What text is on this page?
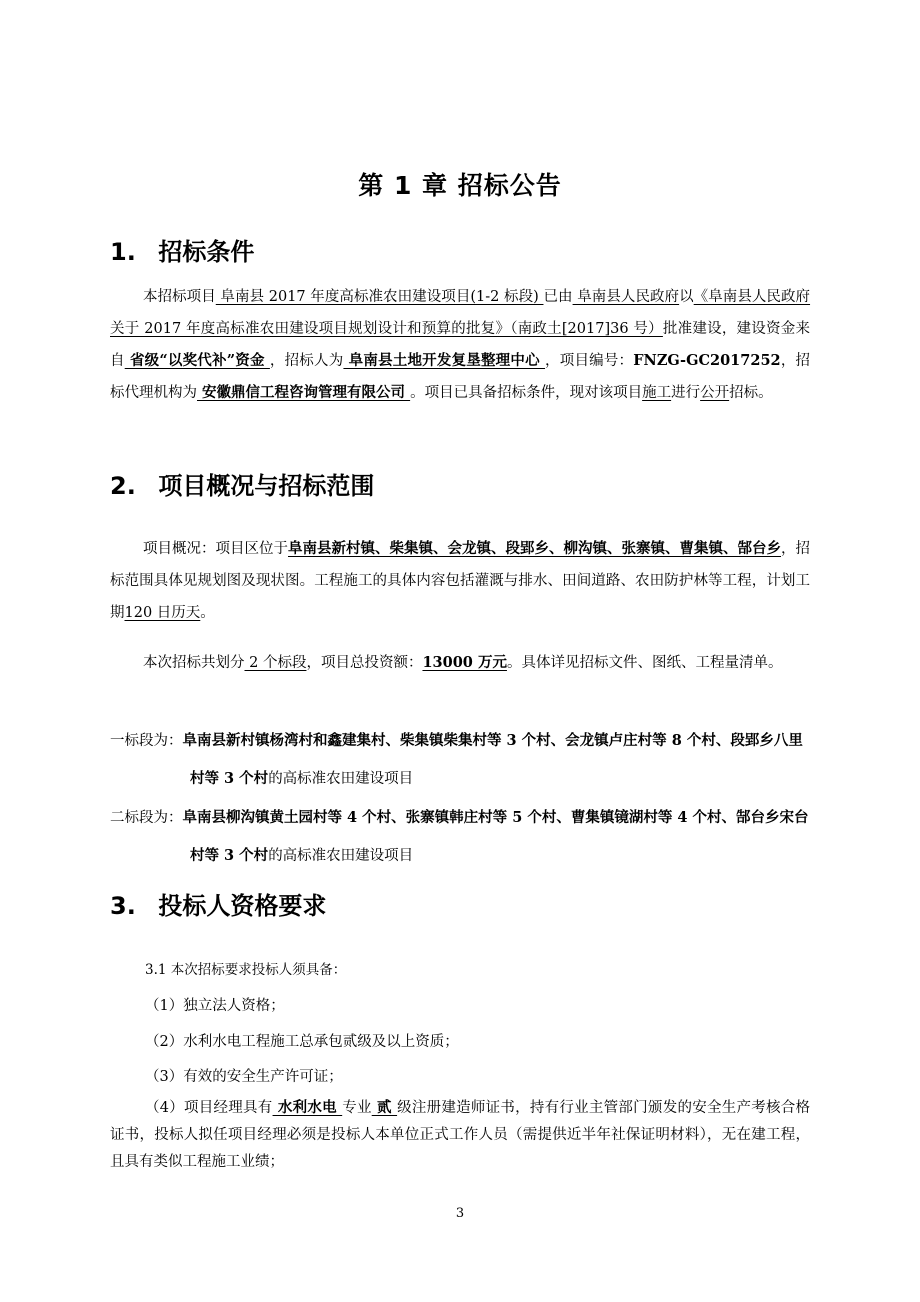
第 1 章 招标公告
1. 招标条件
本招标项目 阜南县 2017 年度高标准农田建设项目(1-2 标段) 已由 阜南县人民政府以《阜南县人民政府关于 2017 年度高标准农田建设项目规划设计和预算的批复》（南政土[2017]36 号）批准建设，建设资金来自 省级“以奖代补”资金 ，招标人为 阜南县土地开发复垦整理中心 ，项目编号：FNZG-GC2017252，招标代理机构为 安徽鼎信工程咨询管理有限公司 。项目已具备招标条件，现对该项目施工进行公开招标。
2. 项目概况与招标范围
项目概况：项目区位于阜南县新村镇、柴集镇、会龙镇、段郢乡、柳沟镇、张寨镇、曹集镇、郜台乡，招标范围具体见规划图及现状图。工程施工的具体内容包括灌溉与排水、田间道路、农田防护林等工程，计划工期120 日历天。
本次招标共划分 2 个标段，项目总投资额：13000 万元。具体详见招标文件、图纸、工程量清单。
一标段为：阜南县新村镇杨湾村和鑫建集村、柴集镇柴集村等 3 个村、会龙镇卢庄村等 8 个村、段郢乡八里村等 3 个村的高标准农田建设项目
二标段为：阜南县柳沟镇黄土园村等 4 个村、张寨镇韩庄村等 5 个村、曹集镇镜湖村等 4 个村、郜台乡宋台村等 3 个村的高标准农田建设项目
3. 投标人资格要求
3.1 本次招标要求投标人须具备：
（1）独立法人资格；
（2）水利水电工程施工总承包贰级及以上资质；
（3）有效的安全生产许可证；
（4）项目经理具有 水利水电 专业 贰 级注册建造师证书，持有行业主管部门颁发的安全生产考核合格证书，投标人拟任项目经理必须是投标人本单位正式工作人员（需提供近半年社保证明材料），无在建工程，且具有类似工程施工业绩；
3
